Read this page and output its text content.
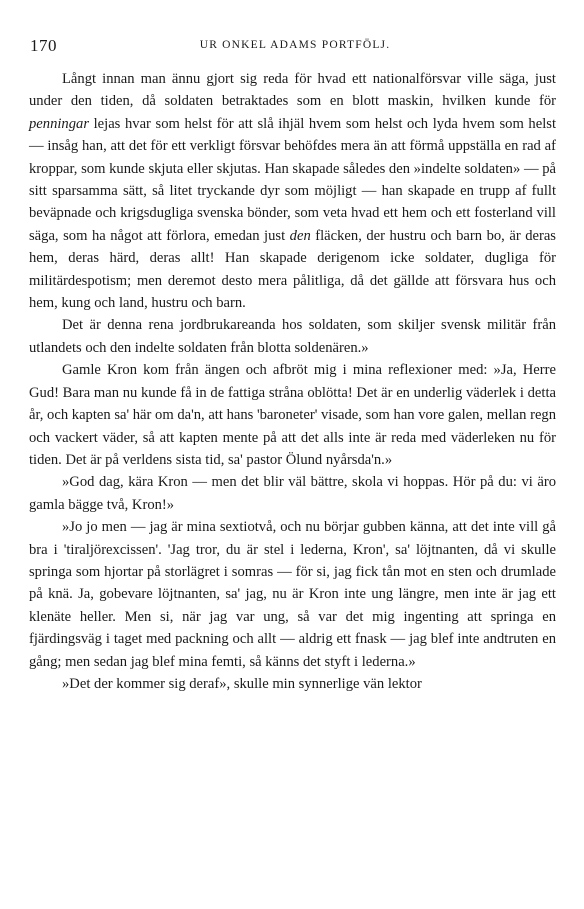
170	UR ONKEL ADAMS PORTFÖLJ.

Långt innan man ännu gjort sig reda för hvad ett nationalförsvar ville säga, just under den tiden, då soldaten betraktades som en blott maskin, hvilken kunde för penningar lejas hvar som helst för att slå ihjäl hvem som helst och lyda hvem som helst — insåg han, att det för ett verkligt försvar behöfdes mera än att förmå uppställa en rad af kroppar, som kunde skjuta eller skjutas. Han skapade således den »indelte soldaten» — på sitt sparsamma sätt, så litet tryckande dyr som möjligt — han skapade en trupp af fullt beväpnade och krigsdugliga svenska bönder, som veta hvad ett hem och ett fosterland vill säga, som ha något att förlora, emedan just den fläcken, der hustru och barn bo, är deras hem, deras härd, deras allt! Han skapade derigenom icke soldater, dugliga för militärdespotism; men deremot desto mera pålitliga, då det gällde att försvara hus och hem, kung och land, hustru och barn.

Det är denna rena jordbrukareanda hos soldaten, som skiljer svensk militär från utlandets och den indelte soldaten från blotta soldenären.»

Gamle Kron kom från ängen och afbröt mig i mina reflexioner med: »Ja, Herre Gud! Bara man nu kunde få in de fattiga stråna oblötta! Det är en underlig väderlek i detta år, och kapten sa' här om da'n, att hans 'baroneter' visade, som han vore galen, mellan regn och vackert väder, så att kapten mente på att det alls inte är reda med väderleken nu för tiden. Det är på verldens sista tid, sa' pastor Ölund nyårsda'n.»

»God dag, kära Kron — men det blir väl bättre, skola vi hoppas. Hör på du: vi äro gamla bägge två, Kron!»

»Jo jo men — jag är mina sextiotvå, och nu börjar gubben känna, att det inte vill gå bra i 'tiraljörexcissen'. 'Jag tror, du är stel i lederna, Kron', sa' löjtnanten, då vi skulle springa som hjortar på storlägret i somras — för si, jag fick tån mot en sten och drumlade på knä. Ja, gobevare löjtnanten, sa' jag, nu är Kron inte ung längre, men inte är jag ett klenäte heller. Men si, när jag var ung, så var det mig ingenting att springa en fjärdingsväg i taget med packning och allt — aldrig ett fnask — jag blef inte andtruten en gång; men sedan jag blef mina femti, så känns det styft i lederna.»

»Det der kommer sig deraf», skulle min synnerlige vän lektor
